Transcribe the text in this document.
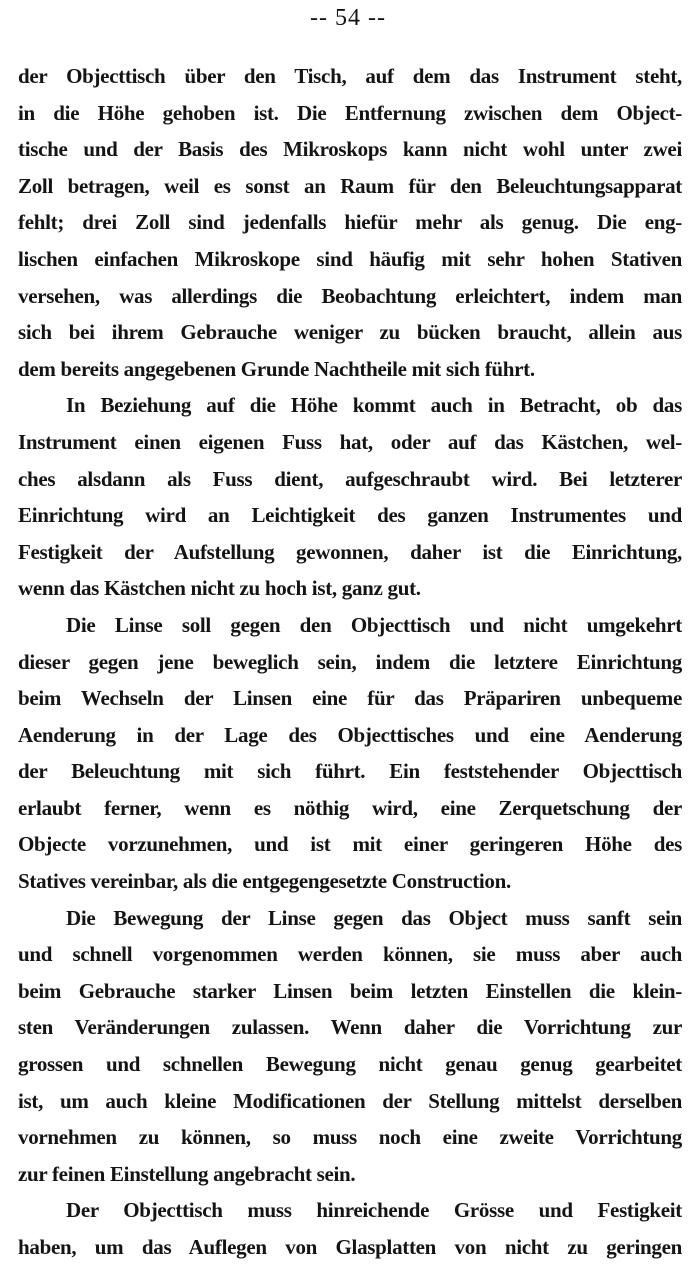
-- 54 --
der Objecttisch über den Tisch, auf dem das Instrument steht,
in die Höhe gehoben ist. Die Entfernung zwischen dem Object-
tische und der Basis des Mikroskops kann nicht wohl unter zwei
Zoll betragen, weil es sonst an Raum für den Beleuchtungsapparat
fehlt; drei Zoll sind jedenfalls hiefür mehr als genug. Die eng-
lischen einfachen Mikroskope sind häufig mit sehr hohen Stativen
versehen, was allerdings die Beobachtung erleichtert, indem man
sich bei ihrem Gebrauche weniger zu bücken braucht, allein aus
dem bereits angegebenen Grunde Nachtheile mit sich führt.
In Beziehung auf die Höhe kommt auch in Betracht, ob das
Instrument einen eigenen Fuss hat, oder auf das Kästchen, wel-
ches alsdann als Fuss dient, aufgeschraubt wird. Bei letzterer
Einrichtung wird an Leichtigkeit des ganzen Instrumentes und
Festigkeit der Aufstellung gewonnen, daher ist die Einrichtung,
wenn das Kästchen nicht zu hoch ist, ganz gut.
Die Linse soll gegen den Objecttisch und nicht umgekehrt
dieser gegen jene beweglich sein, indem die letztere Einrichtung
beim Wechseln der Linsen eine für das Präpariren unbequeme
Aenderung in der Lage des Objecttisches und eine Aenderung
der Beleuchtung mit sich führt. Ein feststehender Objecttisch
erlaubt ferner, wenn es nöthig wird, eine Zerquetschung der
Objecte vorzunehmen, und ist mit einer geringeren Höhe des
Statives vereinbar, als die entgegengesetzte Construction.
Die Bewegung der Linse gegen das Object muss sanft sein
und schnell vorgenommen werden können, sie muss aber auch
beim Gebrauche starker Linsen beim letzten Einstellen die klein-
sten Veränderungen zulassen. Wenn daher die Vorrichtung zur
grossen und schnellen Bewegung nicht genau genug gearbeitet
ist, um auch kleine Modificationen der Stellung mittelst derselben
vornehmen zu können, so muss noch eine zweite Vorrichtung
zur feinen Einstellung angebracht sein.
Der Objecttisch muss hinreichende Grösse und Festigkeit
haben, um das Auflegen von Glasplatten von nicht zu geringen
